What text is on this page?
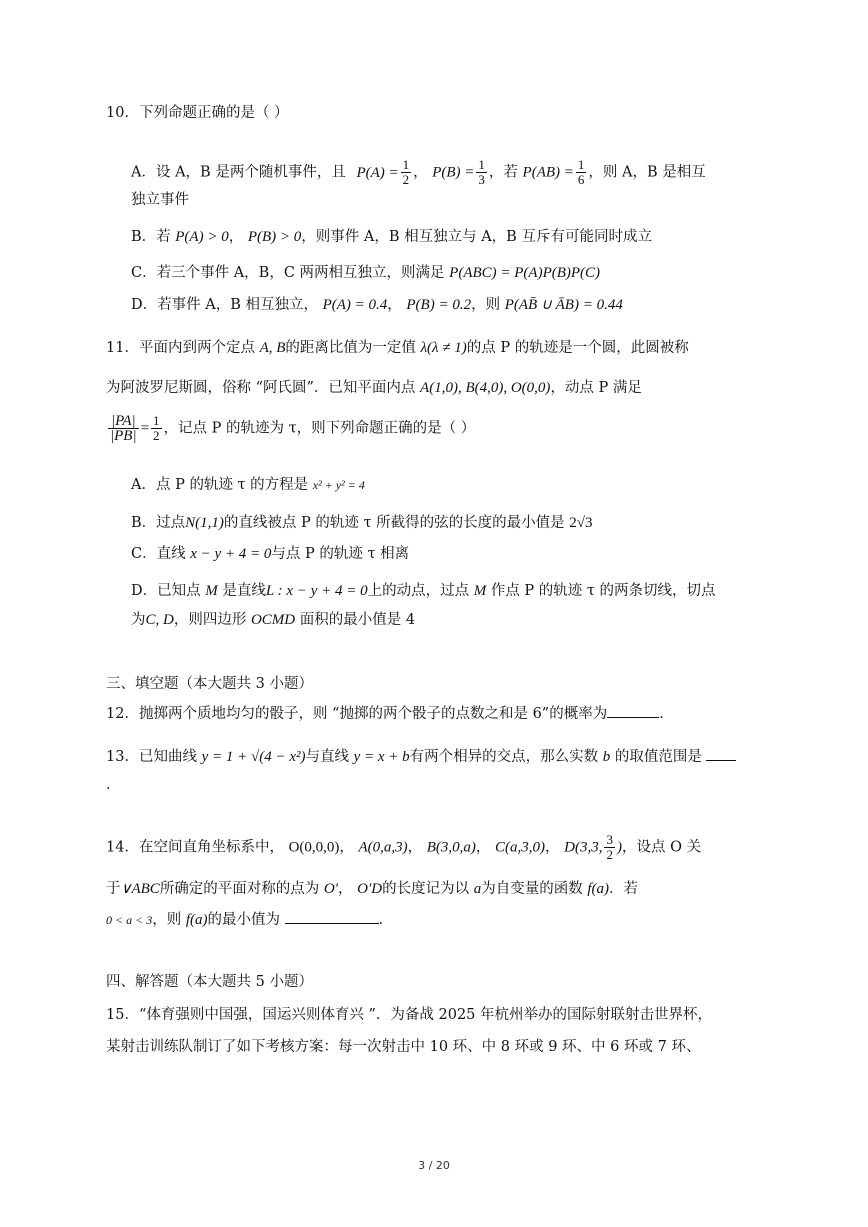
10．下列命题正确的是（ ）
A．设 A，B 是两个随机事件，且 $P(A) = \frac{1}{2}$ ， $P(B) = \frac{1}{3}$ ，若 $P(AB) = \frac{1}{6}$ ，则 A，B 是相互
独立事件
B．若 P(A) > 0， P(B) > 0，则事件 A，B 相互独立与 A，B 互斥有可能同时成立
C．若三个事件 A，B，C 两两相互独立，则满足 P(ABC) = P(A)P(B)P(C)
D．若事件 A，B 相互独立， P(A) = 0.4， P(B) = 0.2，则 P(AB̄ ∪ ĀB) = 0.44
11．平面内到两个定点 A, B的距离比值为一定值 λ(λ ≠ 1)的点 P 的轨迹是一个圆，此圆被称
为阿波罗尼斯圆，俗称 “阿氏圆”．已知平面内点 A(1,0), B(4,0), O(0,0)，动点 P 满足
$\frac{|PA|}{|PB|} = \frac{1}{2}$ ，记点 P 的轨迹为 τ，则下列命题正确的是（ ）
A．点 P 的轨迹 τ 的方程是 x² + y² = 4
B．过点N(1,1)的直线被点 P 的轨迹 τ 所截得的弦的长度的最小值是 2√3
C．直线 x − y + 4 = 0与点 P 的轨迹 τ 相离
D．已知点 M 是直线L : x − y + 4 = 0上的动点，过点 M 作点 P 的轨迹 τ 的两条切线，切点
为C, D，则四边形 OCMD 面积的最小值是 4
三、填空题（本大题共 3 小题）
12．抛掷两个质地均匀的骰子，则 “抛掷的两个骰子的点数之和是 6”的概率为	．
13．已知曲线 y = 1 + √(4 − x²)与直线 y = x + b有两个相异的交点，那么实数 b 的取值范围是
．
14．在空间直角坐标系中， O(0,0,0)， A(0,a,3)， B(3,0,a)， C(a,3,0)， D(3,3, $\frac{3}{2}$ )，设点 O 关
于∨ABC所确定的平面对称的点为 O′， O′D的长度记为以 a为自变量的函数 f(a)．若
0 < a < 3，则 f(a)的最小值为	．
四、解答题（本大题共 5 小题）
15．“体育强则中国强，国运兴则体育兴 ”．为备战 2025 年杭州举办的国际射联射击世界杯，
某射击训练队制订了如下考核方案：每一次射击中 10 环、中 8 环或 9 环、中 6 环或 7 环、
3 / 20
